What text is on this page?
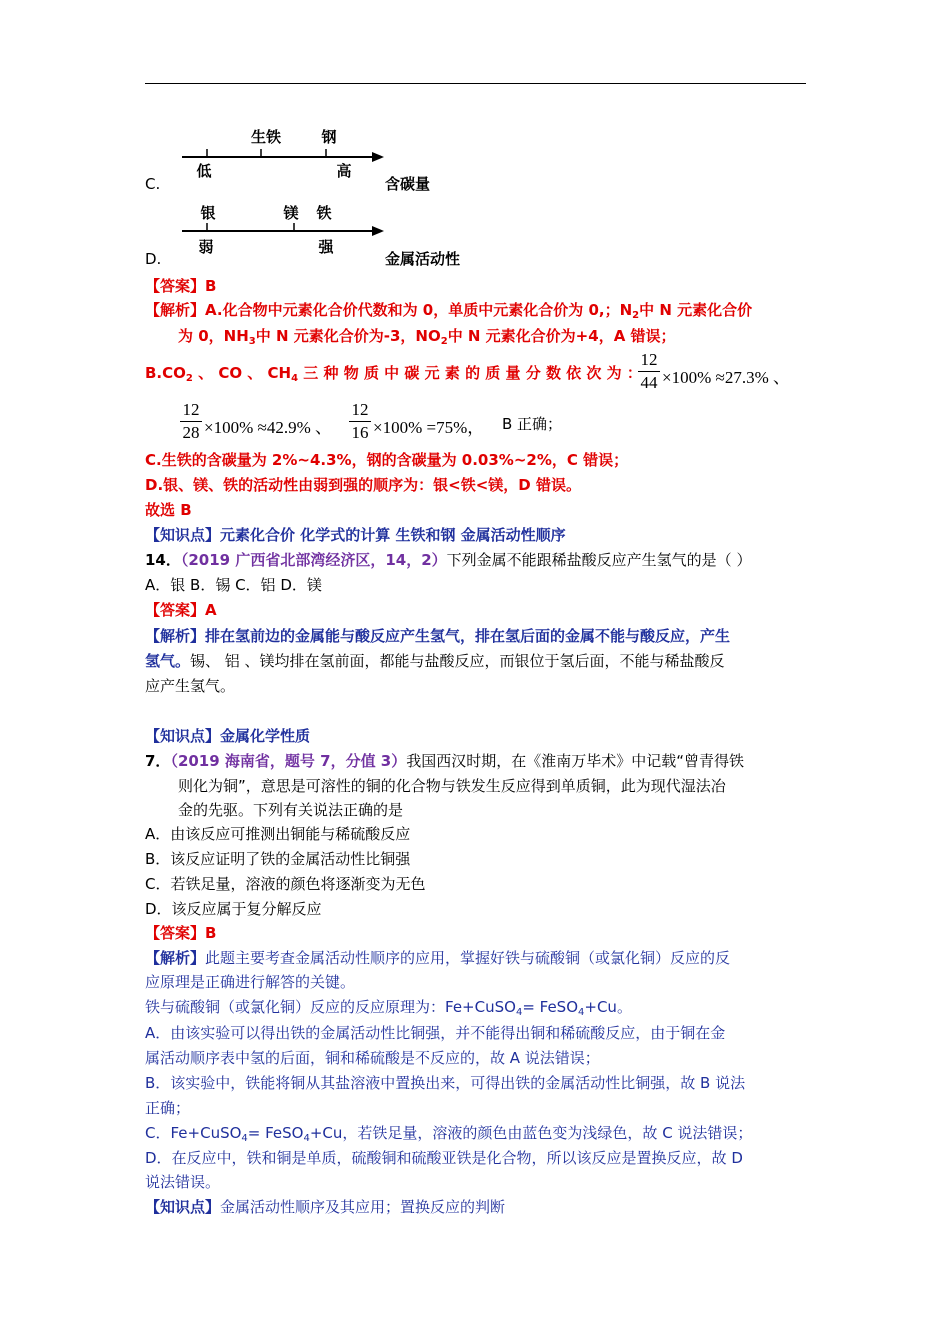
C.
生铁	钢
低	高
含碳量
D.
银	镁 铁
弱	强
金属活动性
【答案】B
【解析】A.化合物中元素化合价代数和为 0，单质中元素化合价为 0,；$N_2$中 N 元素化合价
为 0，$NH_3$中 N 元素化合价为-3，$NO_2$中 N 元素化合价为+4，A 错误；
$B.CO_2$ 、 CO 、 $CH_4$ 三 种 物 质 中 碳 元 素 的 质 量 分 数 依 次 为 ：
12
44 ×100% ≈27.3% 、
12
28 ×100% ≈42.9% 、
12
16 ×100% =75%， B 正确；
C.生铁的含碳量为 2%~4.3%，钢的含碳量为 0.03%~2%，C 错误；
D.银、镁、铁的活动性由弱到强的顺序为：银<铁<镁，D 错误。
故选 B
【知识点】元素化合价 化学式的计算 生铁和钢 金属活动性顺序
14．（2019 广西省北部湾经济区，14，2）下列金属不能跟稀盐酸反应产生氢气的是（ ）
A．银 B．锡 C．铝 D．镁
【答案】A
【解析】排在氢前边的金属能与酸反应产生氢气，排在氢后面的金属不能与酸反应，产生
氢气。锡、 铝 、镁均排在氢前面，都能与盐酸反应，而银位于氢后面，不能与稀盐酸反
应产生氢气。
【知识点】金属化学性质
7．（2019 海南省，题号 7，分值 3）我国西汉时期，在《淮南万毕术》中记载“曾青得铁
则化为铜”，意思是可溶性的铜的化合物与铁发生反应得到单质铜，此为现代湿法冶
金的先驱。下列有关说法正确的是
A．由该反应可推测出铜能与稀硫酸反应
B．该反应证明了铁的金属活动性比铜强
C．若铁足量，溶液的颜色将逐渐变为无色
D．该反应属于复分解反应
【答案】B
【解析】此题主要考查金属活动性顺序的应用，掌握好铁与硫酸铜（或氯化铜）反应的反
应原理是正确进行解答的关键。
铁与硫酸铜（或氯化铜）反应的反应原理为：Fe+CuSO$_4$= FeSO$_4$+Cu。
A．由该实验可以得出铁的金属活动性比铜强，并不能得出铜和稀硫酸反应，由于铜在金
属活动顺序表中氢的后面，铜和稀硫酸是不反应的，故 A 说法错误；
B．该实验中，铁能将铜从其盐溶液中置换出来，可得出铁的金属活动性比铜强，故 B 说法
正确；
C．Fe+CuSO$_4$= FeSO$_4$+Cu，若铁足量，溶液的颜色由蓝色变为浅绿色，故 C 说法错误；
D．在反应中，铁和铜是单质，硫酸铜和硫酸亚铁是化合物，所以该反应是置换反应，故 D
说法错误。
【知识点】金属活动性顺序及其应用；置换反应的判断
